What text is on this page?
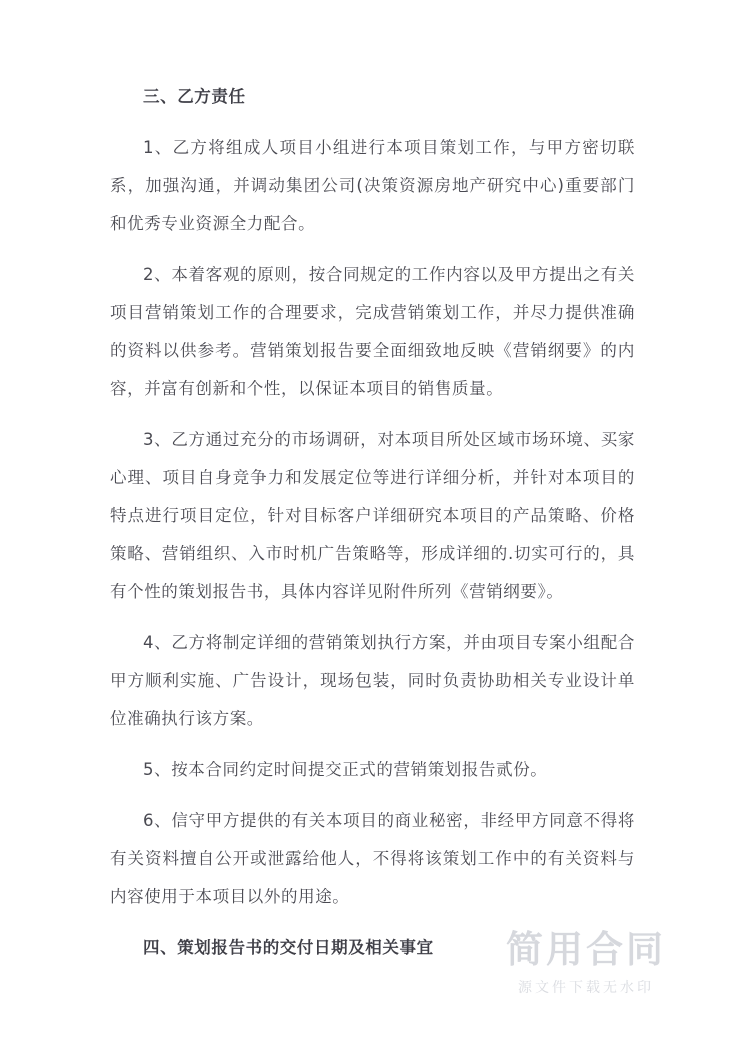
三、乙方责任

1、乙方将组成人项目小组进行本项目策划工作，与甲方密切联系，加强沟通，并调动集团公司(决策资源房地产研究中心)重要部门和优秀专业资源全力配合。

2、本着客观的原则，按合同规定的工作内容以及甲方提出之有关项目营销策划工作的合理要求，完成营销策划工作，并尽力提供准确的资料以供参考。营销策划报告要全面细致地反映《营销纲要》的内容，并富有创新和个性，以保证本项目的销售质量。

3、乙方通过充分的市场调研，对本项目所处区域市场环境、买家心理、项目自身竞争力和发展定位等进行详细分析，并针对本项目的特点进行项目定位，针对目标客户详细研究本项目的产品策略、价格策略、营销组织、入市时机广告策略等，形成详细的.切实可行的，具有个性的策划报告书，具体内容详见附件所列《营销纲要》。

4、乙方将制定详细的营销策划执行方案，并由项目专案小组配合甲方顺利实施、广告设计，现场包装，同时负责协助相关专业设计单位准确执行该方案。

5、按本合同约定时间提交正式的营销策划报告贰份。

6、信守甲方提供的有关本项目的商业秘密，非经甲方同意不得将有关资料擅自公开或泄露给他人，不得将该策划工作中的有关资料与内容使用于本项目以外的用途。

四、策划报告书的交付日期及相关事宜	简用合同
源文件下载无水印
